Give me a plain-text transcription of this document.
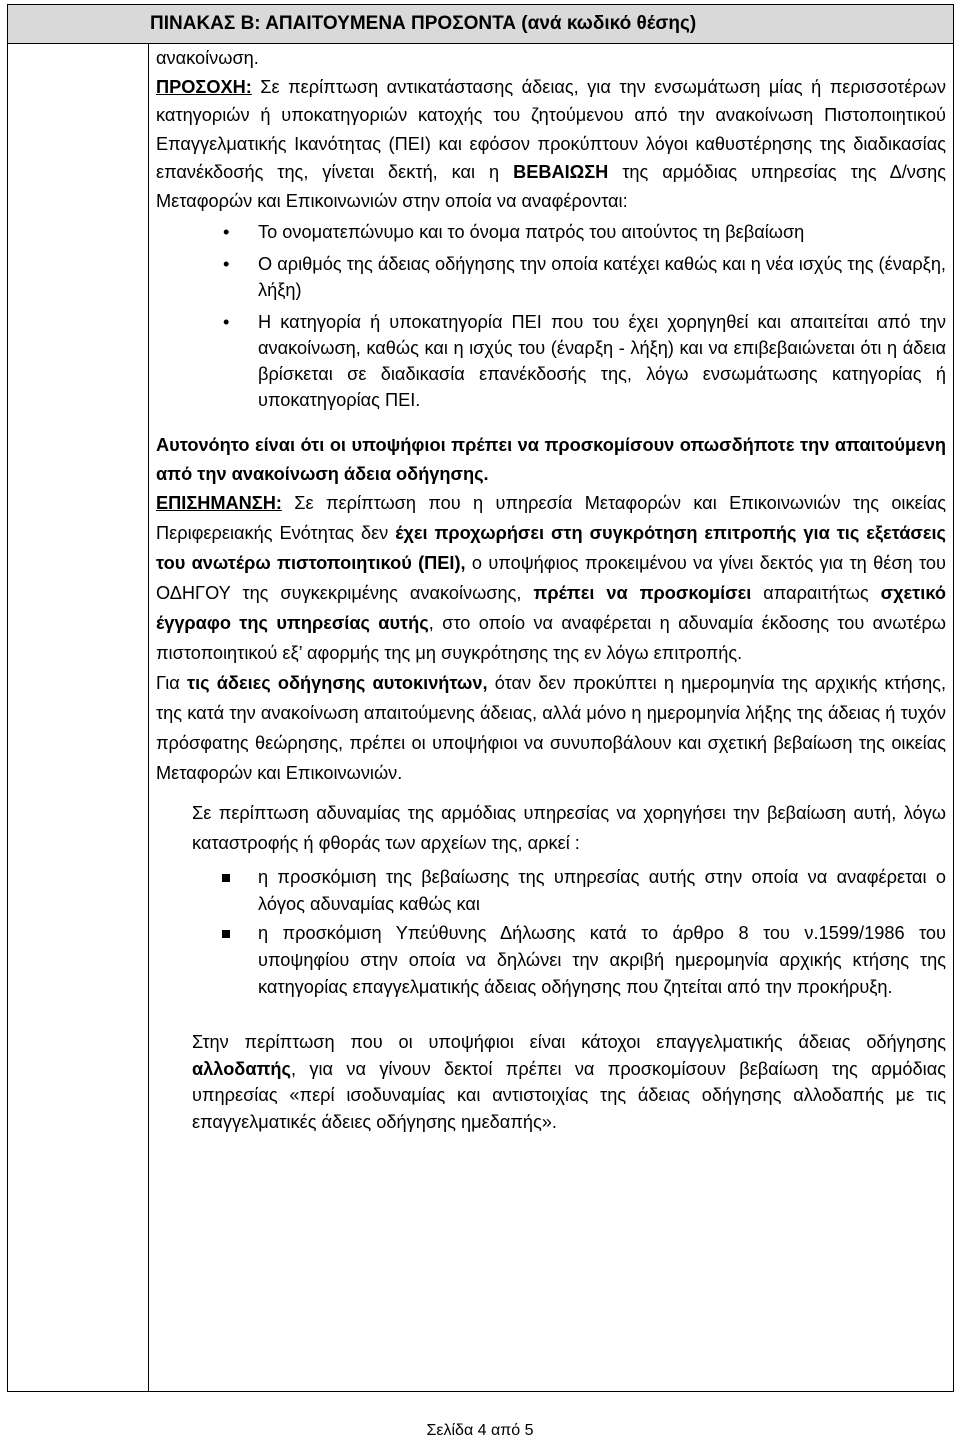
ΠΙΝΑΚΑΣ Β: ΑΠΑΙΤΟΥΜΕΝΑ ΠΡΟΣΟΝΤΑ (ανά κωδικό θέσης)

ανακοίνωση.

ΠΡΟΣΟΧΗ: Σε περίπτωση αντικατάστασης άδειας, για την ενσωμάτωση μίας ή περισσοτέρων κατηγοριών ή υποκατηγοριών κατοχής του ζητούμενου από την ανακοίνωση Πιστοποιητικού Επαγγελματικής Ικανότητας (ΠΕΙ) και εφόσον προκύπτουν λόγοι καθυστέρησης της διαδικασίας επανέκδοσής της, γίνεται δεκτή, και η ΒΕΒΑΙΩΣΗ της αρμόδιας υπηρεσίας της Δ/νσης Μεταφορών και Επικοινωνιών στην οποία να αναφέρονται:

• Το ονοματεπώνυμο και το όνομα πατρός του αιτούντος τη βεβαίωση
• Ο αριθμός της άδειας οδήγησης την οποία κατέχει καθώς και η νέα ισχύς της (έναρξη, λήξη)
• Η κατηγορία ή υποκατηγορία ΠΕΙ που του έχει χορηγηθεί και απαιτείται από την ανακοίνωση, καθώς και η ισχύς του (έναρξη - λήξη) και να επιβεβαιώνεται ότι η άδεια βρίσκεται σε διαδικασία επανέκδοσής της, λόγω ενσωμάτωσης κατηγορίας ή υποκατηγορίας ΠΕΙ.

Αυτονόητο είναι ότι οι υποψήφιοι πρέπει να προσκομίσουν οπωσδήποτε την απαιτούμενη από την ανακοίνωση άδεια οδήγησης.

ΕΠΙΣΗΜΑΝΣΗ: Σε περίπτωση που η υπηρεσία Μεταφορών και Επικοινωνιών της οικείας Περιφερειακής Ενότητας δεν έχει προχωρήσει στη συγκρότηση επιτροπής για τις εξετάσεις του ανωτέρω πιστοποιητικού (ΠΕΙ), ο υποψήφιος προκειμένου να γίνει δεκτός για τη θέση του ΟΔΗΓΟΥ της συγκεκριμένης ανακοίνωσης, πρέπει να προσκομίσει απαραιτήτως σχετικό έγγραφο της υπηρεσίας αυτής, στο οποίο να αναφέρεται η αδυναμία έκδοσης του ανωτέρω πιστοποιητικού εξ’ αφορμής της μη συγκρότησης της εν λόγω επιτροπής.

Για τις άδειες οδήγησης αυτοκινήτων, όταν δεν προκύπτει η ημερομηνία της αρχικής κτήσης, της κατά την ανακοίνωση απαιτούμενης άδειας, αλλά μόνο η ημερομηνία λήξης της άδειας ή τυχόν πρόσφατης θεώρησης, πρέπει οι υποψήφιοι να συνυποβάλουν και σχετική βεβαίωση της οικείας Μεταφορών και Επικοινωνιών.

Σε περίπτωση αδυναμίας της αρμόδιας υπηρεσίας να χορηγήσει την βεβαίωση αυτή, λόγω καταστροφής ή φθοράς των αρχείων της, αρκεί :

η προσκόμιση της βεβαίωσης της υπηρεσίας αυτής στην οποία να αναφέρεται ο λόγος αδυναμίας καθώς και
η προσκόμιση Υπεύθυνης Δήλωσης κατά το άρθρο 8 του ν.1599/1986 του υποψηφίου στην οποία να δηλώνει την ακριβή ημερομηνία αρχικής κτήσης της κατηγορίας επαγγελματικής άδειας οδήγησης που ζητείται από την προκήρυξη.

Στην περίπτωση που οι υποψήφιοι είναι κάτοχοι επαγγελματικής άδειας οδήγησης αλλοδαπής, για να γίνουν δεκτοί πρέπει να προσκομίσουν βεβαίωση της αρμόδιας υπηρεσίας «περί ισοδυναμίας και αντιστοιχίας της άδειας οδήγησης αλλοδαπής με τις επαγγελματικές άδειες οδήγησης ημεδαπής».

Σελίδα 4 από 5
